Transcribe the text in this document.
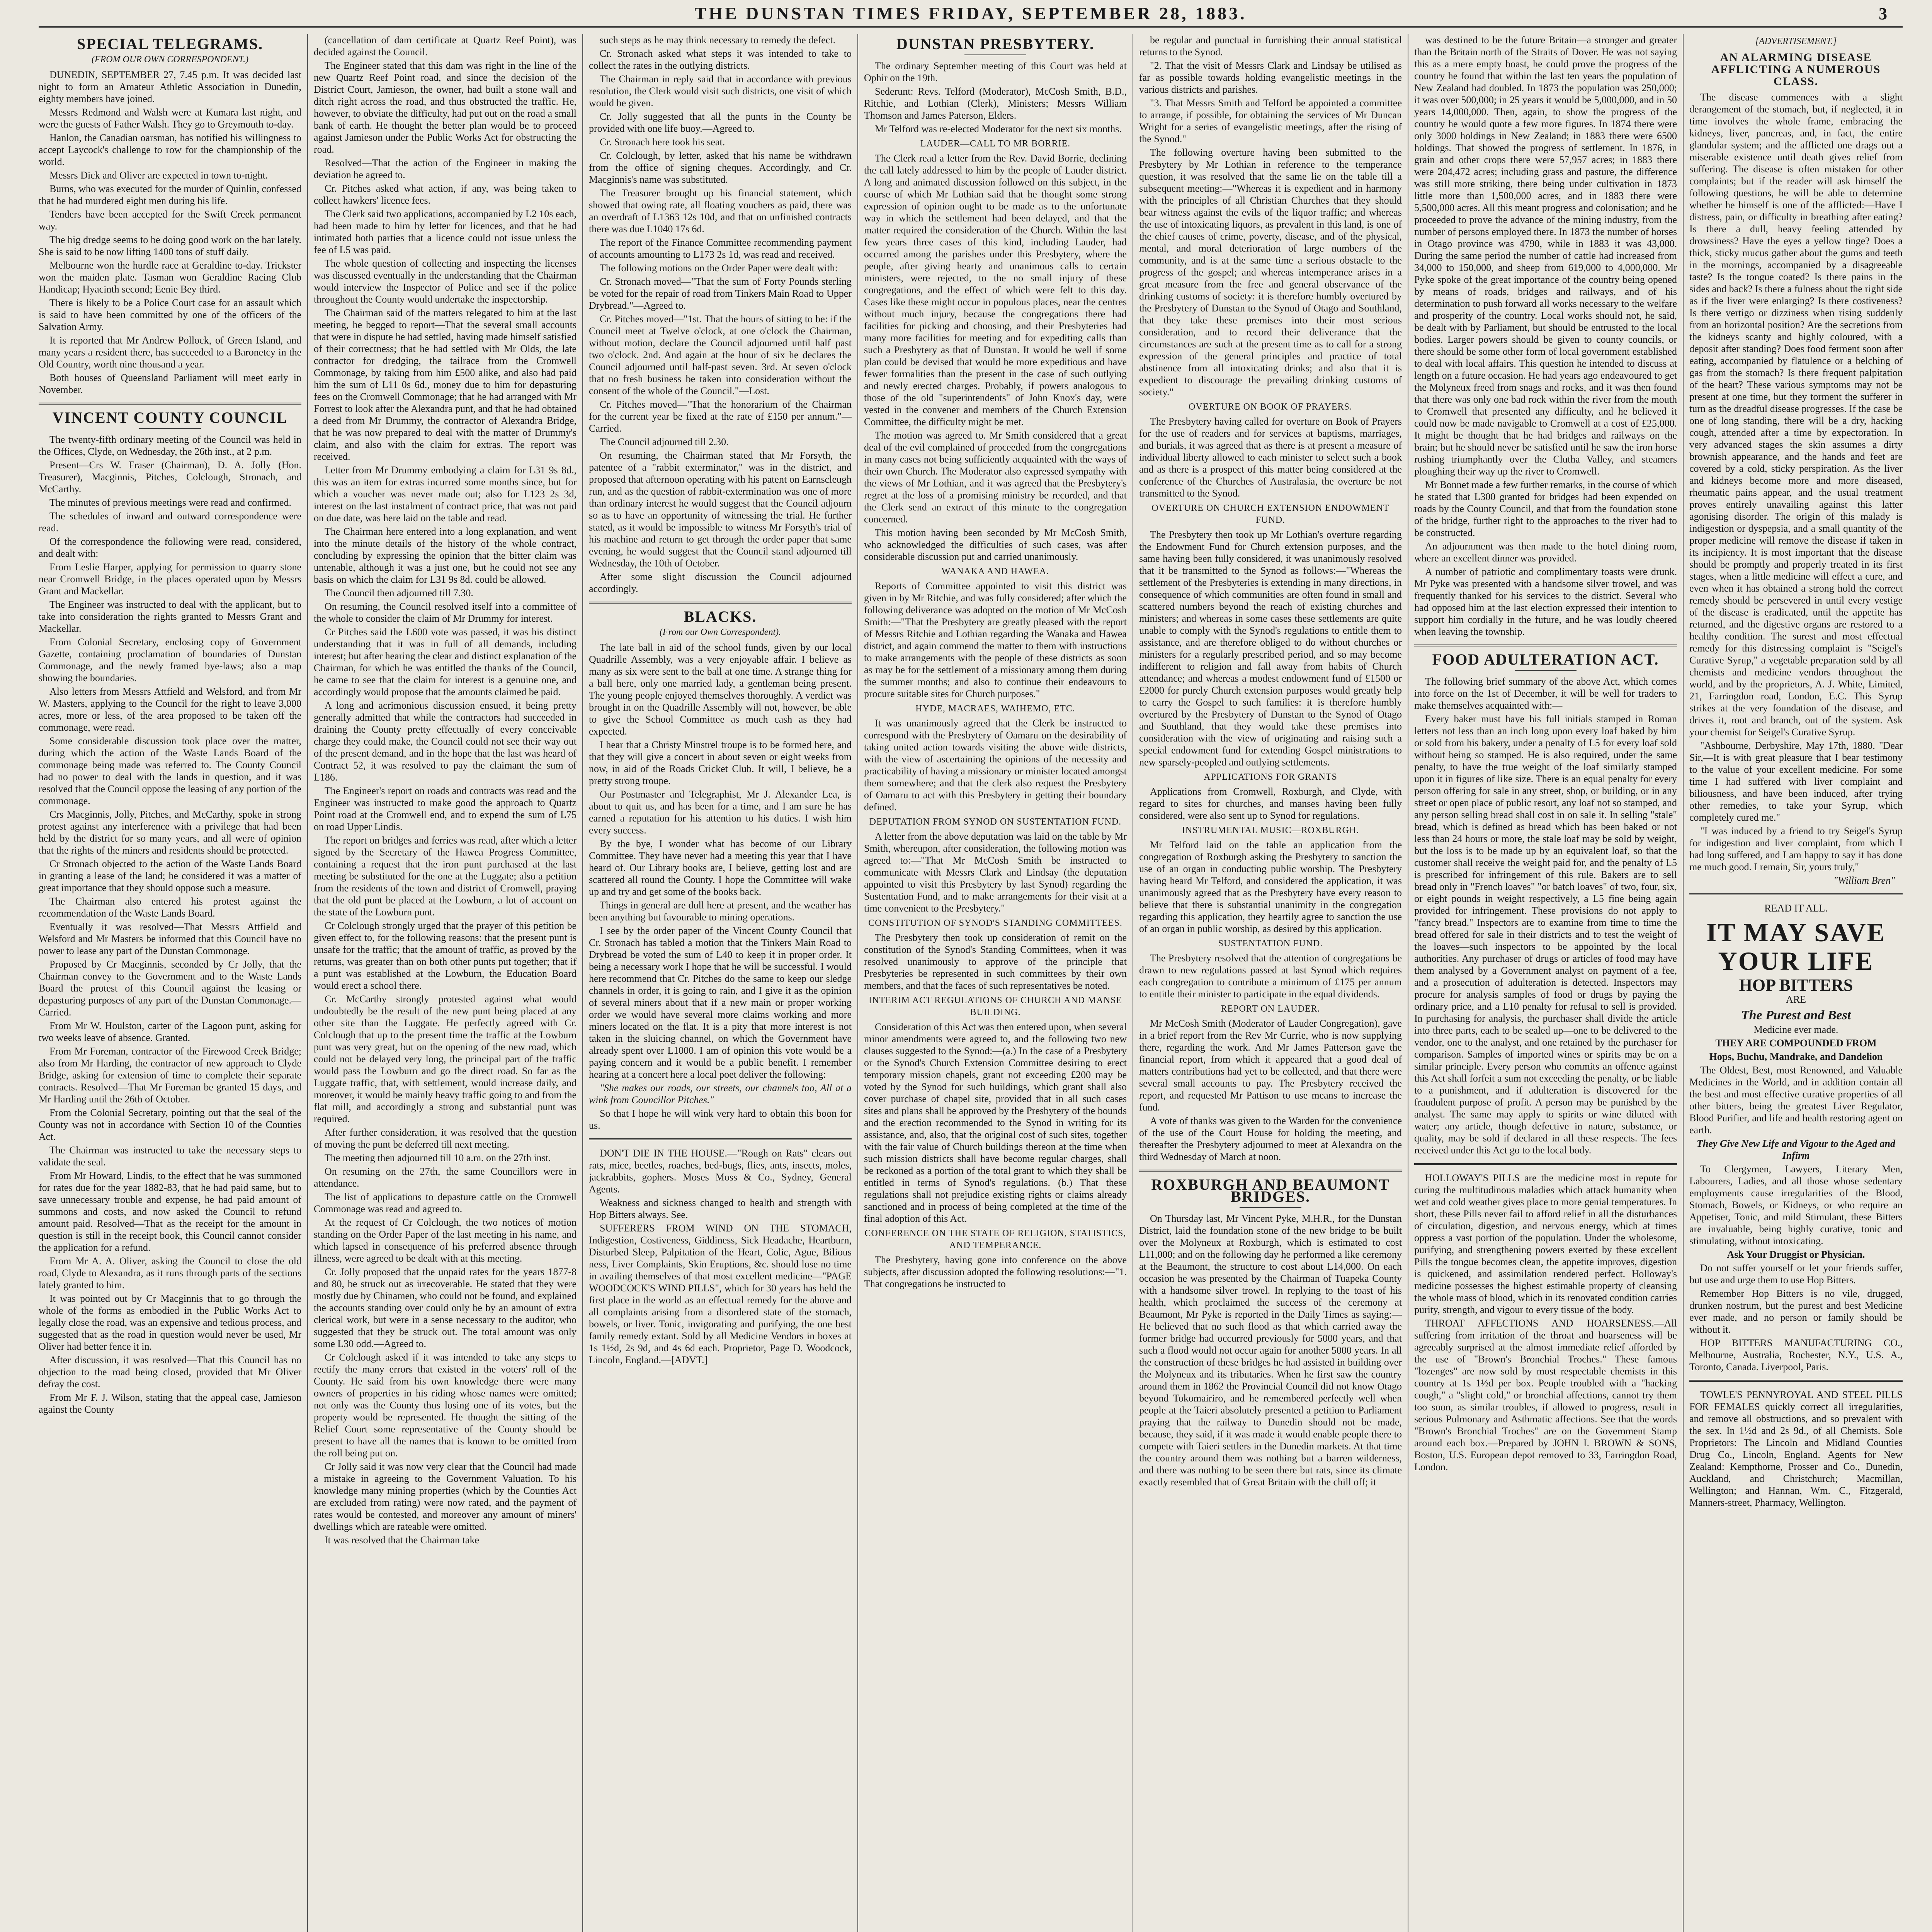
THE DUNSTAN TIMES FRIDAY, SEPTEMBER 28, 1883.	3
SPECIAL TELEGRAMS.
(FROM OUR OWN CORRESPONDENT.)

DUNEDIN, SEPTEMBER 27, 7.45 p.m. It was decided last night to form an Amateur Athletic Association in Dunedin, eighty members have joined.

Messrs Redmond and Walsh were at Kumara last night, and were the guests of Father Walsh. They go to Greymouth to-day.

Hanlon, the Canadian oarsman, has notified his willingness to accept Laycock's challenge to row for the championship of the world.

Messrs Dick and Oliver are expected in town to-night.

Burns, who was executed for the murder of Quinlin, confessed that he had murdered eight men during his life.

Tenders have been accepted for the Swift Creek permanent way.

The big dredge seems to be doing good work on the bar lately. She is said to be now lifting 1400 tons of stuff daily.

Melbourne won the hurdle race at Geraldine to-day. Trickster won the maiden plate. Tasman won Geraldine Racing Club Handicap; Hyacinth second; Eenie Bey third.

There is likely to be a Police Court case for an assault which is said to have been committed by one of the officers of the Salvation Army.

It is reported that Mr Andrew Pollock, of Green Island, and many years a resident there, has succeeded to a Baronetcy in the Old Country, worth nine thousand a year.

Both houses of Queensland Parliament will meet early in November.

VINCENT COUNTY COUNCIL

The twenty-fifth ordinary meeting of the Council was held in the Offices, Clyde, on Wednesday, the 26th inst., at 2 p.m.

Present—Crs W. Fraser (Chairman), D. A. Jolly (Hon. Treasurer), Macginnis, Pitches, Colclough, Stronach, and McCarthy.

The minutes of previous meetings were read and confirmed.

The schedules of inward and outward correspondence were read.

Of the correspondence the following were read, considered, and dealt with:

From Leslie Harper, applying for permission to quarry stone near Cromwell Bridge, in the places operated upon by Messrs Grant and Mackellar.

The Engineer was instructed to deal with the applicant, but to take into consideration the rights granted to Messrs Grant and Mackellar.

From Colonial Secretary, enclosing copy of Government Gazette, containing proclamation of boundaries of Dunstan Commonage, and the newly framed bye-laws; also a map showing the boundaries.

Also letters from Messrs Attfield and Welsford, and from Mr W. Masters, applying to the Council for the right to leave 3,000 acres, more or less, of the area proposed to be taken off the commonage, were read.

Some considerable discussion took place over the matter, during which the action of the Waste Lands Board of the commonage being made was referred to. The County Council had no power to deal with the lands in question, and it was resolved that the Council oppose the leasing of any portion of the commonage.

Crs Macginnis, Jolly, Pitches, and McCarthy, spoke in strong protest against any interference with a privilege that had been held by the district for so many years, and all were of opinion that the rights of the miners and residents should be protected.

Cr Stronach objected to the action of the Waste Lands Board in granting a lease of the land; he considered it was a matter of great importance that they should oppose such a measure.

The Chairman also entered his protest against the recommendation of the Waste Lands Board.

Eventually it was resolved—That Messrs Attfield and Welsford and Mr Masters be informed that this Council have no power to lease any part of the Dunstan Commonage.

Proposed by Cr Macginnis, seconded by Cr Jolly, that the Chairman convey to the Government and to the Waste Lands Board the protest of this Council against the leasing or depasturing purposes of any part of the Dunstan Commonage.—Carried.

From Mr W. Houlston, carter of the Lagoon punt, asking for two weeks leave of absence. Granted.

From Mr Foreman, contractor of the Firewood Creek Bridge; also from Mr Harding, the contractor of new approach to Clyde Bridge, asking for extension of time to complete their separate contracts. Resolved—That Mr Foreman be granted 15 days, and Mr Harding until the 26th of October.

From the Colonial Secretary, pointing out that the seal of the County was not in accordance with Section 10 of the Counties Act.

The Chairman was instructed to take the necessary steps to validate the seal.

From Mr Howard, Lindis, to the effect that he was summoned for rates due for the year 1882-83, that he had paid same, but to save unnecessary trouble and expense, he had paid amount of summons and costs, and now asked the Council to refund amount paid. Resolved—That as the receipt for the amount in question is still in the receipt book, this Council cannot consider the application for a refund.

From Mr A. A. Oliver, asking the Council to close the old road, Clyde to Alexandra, as it runs through parts of the sections lately granted to him.

It was pointed out by Cr Macginnis that to go through the whole of the forms as embodied in the Public Works Act to legally close the road, was an expensive and tedious process, and suggested that as the road in question would never be used, Mr Oliver had better fence it in.

After discussion, it was resolved—That this Council has no objection to the road being closed, provided that Mr Oliver defray the cost.

From Mr F. J. Wilson, stating that the appeal case, Jamieson against the County

(cancellation of dam certificate at Quartz Reef Point), was decided against the Council.

The Engineer stated that this dam was right in the line of the new Quartz Reef Point road, and since the decision of the District Court, Jamieson, the owner, had built a stone wall and ditch right across the road, and thus obstructed the traffic. He, however, to obviate the difficulty, had put out on the road a small bank of earth. He thought the better plan would be to proceed against Jamieson under the Public Works Act for obstructing the road.

Resolved—That the action of the Engineer in making the deviation be agreed to.

Cr. Pitches asked what action, if any, was being taken to collect hawkers' licence fees.

The Clerk said two applications, accompanied by L2 10s each, had been made to him by letter for licences, and that he had intimated both parties that a licence could not issue unless the fee of L5 was paid.

The whole question of collecting and inspecting the licenses was discussed eventually in the understanding that the Chairman would interview the Inspector of Police and see if the police throughout the County would undertake the inspectorship.

The Chairman said of the matters relegated to him at the last meeting, he begged to report—That the several small accounts that were in dispute he had settled, having made himself satisfied of their correctness; that he had settled with Mr Olds, the late contractor for dredging, the tailrace from the Cromwell Commonage, by taking from him £500 alike, and also had paid him the sum of L11 0s 6d., money due to him for depasturing fees on the Cromwell Commonage; that he had arranged with Mr Forrest to look after the Alexandra punt, and that he had obtained a deed from Mr Drummy, the contractor of Alexandra Bridge, that he was now prepared to deal with the matter of Drummy's claim, and also with the claim for extras. The report was received.

Letter from Mr Drummy embodying a claim for L31 9s 8d., this was an item for extras incurred some months since, but for which a voucher was never made out; also for L123 2s 3d, interest on the last instalment of contract price, that was not paid on due date, was here laid on the table and read.

The Chairman here entered into a long explanation, and went into the minute details of the history of the whole contract, concluding by expressing the opinion that the bitter claim was untenable, although it was a just one, but he could not see any basis on which the claim for L31 9s 8d. could be allowed.

The Council then adjourned till 7.30.

On resuming, the Council resolved itself into a committee of the whole to consider the claim of Mr Drummy for interest.

Cr Pitches said the L600 vote was passed, it was his distinct understanding that it was in full of all demands, including interest; but after hearing the clear and distinct explanation of the Chairman, for which he was entitled the thanks of the Council, he came to see that the claim for interest is a genuine one, and accordingly would propose that the amounts claimed be paid.

A long and acrimonious discussion ensued, it being pretty generally admitted that while the contractors had succeeded in draining the County pretty effectually of every conceivable charge they could make, the Council could not see their way out of the present demand, and in the hope that the last was heard of Contract 52, it was resolved to pay the claimant the sum of L186.

The Engineer's report on roads and contracts was read and the Engineer was instructed to make good the approach to Quartz Point road at the Cromwell end, and to expend the sum of L75 on road Upper Lindis.

The report on bridges and ferries was read, after which a letter signed by the Secretary of the Hawea Progress Committee, containing a request that the iron punt purchased at the last meeting be substituted for the one at the Luggate; also a petition from the residents of the town and district of Cromwell, praying that the old punt be placed at the Lowburn, a lot of account on the state of the Lowburn punt.

Cr Colclough strongly urged that the prayer of this petition be given effect to, for the following reasons: that the present punt is unsafe for the traffic; that the amount of traffic, as proved by the returns, was greater than on both other punts put together; that if a punt was established at the Lowburn, the Education Board would erect a school there.

Cr. McCarthy strongly protested against what would undoubtedly be the result of the new punt being placed at any other site than the Luggate. He perfectly agreed with Cr. Colclough that up to the present time the traffic at the Lowburn punt was very great, but on the opening of the new road, which could not be delayed very long, the principal part of the traffic would pass the Lowburn and go the direct road. So far as the Luggate traffic, that, with settlement, would increase daily, and moreover, it would be mainly heavy traffic going to and from the flat mill, and accordingly a strong and substantial punt was required.

After further consideration, it was resolved that the question of moving the punt be deferred till next meeting.

The meeting then adjourned till 10 a.m. on the 27th inst.

On resuming on the 27th, the same Councillors were in attendance.

The list of applications to depasture cattle on the Cromwell Commonage was read and agreed to.

At the request of Cr Colclough, the two notices of motion standing on the Order Paper of the last meeting in his name, and which lapsed in consequence of his preferred absence through illness, were agreed to be dealt with at this meeting.

Cr. Jolly proposed that the unpaid rates for the years 1877-8 and 80, be struck out as irrecoverable. He stated that they were mostly due by Chinamen, who could not be found, and explained the accounts standing over could only be by an amount of extra clerical work, but were in a sense necessary to the auditor, who suggested that they be struck out. The total amount was only some L30 odd.—Agreed to.

Cr Colclough asked if it was intended to take any steps to rectify the many errors that existed in the voters' roll of the County. He said from his own knowledge there were many owners of properties in his riding whose names were omitted; not only was the County thus losing one of its votes, but the property would be represented. He thought the sitting of the Relief Court some representative of the County should be present to have all the names that is known to be omitted from the roll being put on.

Cr Jolly said it was now very clear that the Council had made a mistake in agreeing to the Government Valuation. To his knowledge many mining properties (which by the Counties Act are excluded from rating) were now rated, and the payment of rates would be contested, and moreover any amount of miners' dwellings which are rateable were omitted.

It was resolved that the Chairman take

such steps as he may think necessary to remedy the defect.

Cr. Stronach asked what steps it was intended to take to collect the rates in the outlying districts.

The Chairman in reply said that in accordance with previous resolution, the Clerk would visit such districts, one visit of which would be given.

Cr. Jolly suggested that all the punts in the County be provided with one life buoy.—Agreed to.

Cr. Stronach here took his seat.

Cr. Colclough, by letter, asked that his name be withdrawn from the office of signing cheques. Accordingly, and Cr. Macginnis's name was substituted.

The Treasurer brought up his financial statement, which showed that owing rate, all floating vouchers as paid, there was an overdraft of L1363 12s 10d, and that on unfinished contracts there was due L1040 17s 6d.

The report of the Finance Committee recommending payment of accounts amounting to L173 2s 1d, was read and received.

The following motions on the Order Paper were dealt with:

Cr. Stronach moved—"That the sum of Forty Pounds sterling be voted for the repair of road from Tinkers Main Road to Upper Drybread."—Agreed to.

Cr. Pitches moved—"1st. That the hours of sitting to be: if the Council meet at Twelve o'clock, at one o'clock the Chairman, without motion, declare the Council adjourned until half past two o'clock. 2nd. And again at the hour of six he declares the Council adjourned until half-past seven. 3rd. At seven o'clock that no fresh business be taken into consideration without the consent of the whole of the Council."—Lost.

Cr. Pitches moved—"That the honorarium of the Chairman for the current year be fixed at the rate of £150 per annum."—Carried.

The Council adjourned till 2.30.

On resuming, the Chairman stated that Mr Forsyth, the patentee of a "rabbit exterminator," was in the district, and proposed that afternoon operating with his patent on Earnscleugh run, and as the question of rabbit-extermination was one of more than ordinary interest he would suggest that the Council adjourn so as to have an opportunity of witnessing the trial. He further stated, as it would be impossible to witness Mr Forsyth's trial of his machine and return to get through the order paper that same evening, he would suggest that the Council stand adjourned till Wednesday, the 10th of October.

After some slight discussion the Council adjourned accordingly.

BLACKS.
(From our Own Correspondent).

The late ball in aid of the school funds, given by our local Quadrille Assembly, was a very enjoyable affair. I believe as many as six were sent to the ball at one time. A strange thing for a ball here, only one married lady, a gentleman being present. The young people enjoyed themselves thoroughly. A verdict was brought in on the Quadrille Assembly will not, however, be able to give the School Committee as much cash as they had expected.

I hear that a Christy Minstrel troupe is to be formed here, and that they will give a concert in about seven or eight weeks from now, in aid of the Roads Cricket Club. It will, I believe, be a pretty strong troupe.

Our Postmaster and Telegraphist, Mr J. Alexander Lea, is about to quit us, and has been for a time, and I am sure he has earned a reputation for his attention to his duties. I wish him every success.

By the bye, I wonder what has become of our Library Committee. They have never had a meeting this year that I have heard of. Our Library books are, I believe, getting lost and are scattered all round the County. I hope the Committee will wake up and try and get some of the books back.

Things in general are dull here at present, and the weather has been anything but favourable to mining operations.

I see by the order paper of the Vincent County Council that Cr. Stronach has tabled a motion that the Tinkers Main Road to Drybread be voted the sum of L40 to keep it in proper order. It being a necessary work I hope that he will be successful. I would here recommend that Cr. Pitches do the same to keep our sledge channels in order, it is going to rain, and I give it as the opinion of several miners about that if a new main or proper working order we would have several more claims working and more miners located on the flat. It is a pity that more interest is not taken in the sluicing channel, on which the Government have already spent over L1000. I am of opinion this vote would be a paying concern and it would be a public benefit. I remember hearing at a concert here a local poet deliver the following:

"She makes our roads, our streets, our channels too, All at a wink from Councillor Pitches."

So that I hope he will wink very hard to obtain this boon for us.

DON'T DIE IN THE HOUSE.—"Rough on Rats" clears out rats, mice, beetles, roaches, bed-bugs, flies, ants, insects, moles, jackrabbits, gophers. Moses Moss & Co., Sydney, General Agents.

Weakness and sickness changed to health and strength with Hop Bitters always. See.

SUFFERERS FROM WIND ON THE STOMACH, Indigestion, Costiveness, Giddiness, Sick Headache, Heartburn, Disturbed Sleep, Palpitation of the Heart, Colic, Ague, Bilious ness, Liver Complaints, Skin Eruptions, &c. should lose no time in availing themselves of that most excellent medicine—"PAGE WOODCOCK'S WIND PILLS", which for 30 years has held the first place in the world as an effectual remedy for the above and all complaints arising from a disordered state of the stomach, bowels, or liver. Tonic, invigorating and purifying, the one best family remedy extant. Sold by all Medicine Vendors in boxes at 1s 1½d, 2s 9d, and 4s 6d each. Proprietor, Page D. Woodcock, Lincoln, England.—[ADVT.]

DUNSTAN PRESBYTERY.

The ordinary September meeting of this Court was held at Ophir on the 19th.

Sederunt: Revs. Telford (Moderator), McCosh Smith, B.D., Ritchie, and Lothian (Clerk), Ministers; Messrs William Thomson and James Paterson, Elders.

Mr Telford was re-elected Moderator for the next six months.

LAUDER—CALL TO MR BORRIE.

The Clerk read a letter from the Rev. David Borrie, declining the call lately addressed to him by the people of Lauder district. A long and animated discussion followed on this subject, in the course of which Mr Lothian said that he thought some strong expression of opinion ought to be made as to the unfortunate way in which the settlement had been delayed, and that the matter required the consideration of the Church. Within the last few years three cases of this kind, including Lauder, had occurred among the parishes under this Presbytery, where the people, after giving hearty and unanimous calls to certain ministers, were rejected, to the no small injury of these congregations, and the effect of which were felt to this day. Cases like these might occur in populous places, near the centres without much injury, because the congregations there had facilities for picking and choosing, and their Presbyteries had many more facilities for meeting and for expediting calls than such a Presbytery as that of Dunstan. It would be well if some plan could be devised that would be more expeditious and have fewer formalities than the present in the case of such outlying and newly erected charges. Probably, if powers analogous to those of the old "superintendents" of John Knox's day, were vested in the convener and members of the Church Extension Committee, the difficulty might be met.

The motion was agreed to. Mr Smith considered that a great deal of the evil complained of proceeded from the congregations in many cases not being sufficiently acquainted with the ways of their own Church. The Moderator also expressed sympathy with the views of Mr Lothian, and it was agreed that the Presbytery's regret at the loss of a promising ministry be recorded, and that the Clerk send an extract of this minute to the congregation concerned.

This motion having been seconded by Mr McCosh Smith, who acknowledged the difficulties of such cases, was after considerable discussion put and carried unanimously.

WANAKA AND HAWEA.

Reports of Committee appointed to visit this district was given in by Mr Ritchie, and was fully considered; after which the following deliverance was adopted on the motion of Mr McCosh Smith:—"That the Presbytery are greatly pleased with the report of Messrs Ritchie and Lothian regarding the Wanaka and Hawea district, and again commend the matter to them with instructions to make arrangements with the people of these districts as soon as may be for the settlement of a missionary among them during the summer months; and also to continue their endeavours to procure suitable sites for Church purposes."

HYDE, MACRAES, WAIHEMO, ETC.

It was unanimously agreed that the Clerk be instructed to correspond with the Presbytery of Oamaru on the desirability of taking united action towards visiting the above wide districts, with the view of ascertaining the opinions of the necessity and practicability of having a missionary or minister located amongst them somewhere; and that the clerk also request the Presbytery of Oamaru to act with this Presbytery in getting their boundary defined.

DEPUTATION FROM SYNOD ON SUSTENTATION FUND.

A letter from the above deputation was laid on the table by Mr Smith, whereupon, after consideration, the following motion was agreed to:—"That Mr McCosh Smith be instructed to communicate with Messrs Clark and Lindsay (the deputation appointed to visit this Presbytery by last Synod) regarding the Sustentation Fund, and to make arrangements for their visit at a time convenient to the Presbytery."

CONSTITUTION OF SYNOD'S STANDING COMMITTEES.

The Presbytery then took up consideration of remit on the constitution of the Synod's Standing Committees, when it was resolved unanimously to approve of the principle that Presbyteries be represented in such committees by their own members, and that the faces of such representatives be noted.

INTERIM ACT REGULATIONS OF CHURCH AND MANSE BUILDING.

Consideration of this Act was then entered upon, when several minor amendments were agreed to, and the following two new clauses suggested to the Synod:—(a.) In the case of a Presbytery or the Synod's Church Extension Committee desiring to erect temporary mission chapels, grant not exceeding £200 may be voted by the Synod for such buildings, which grant shall also cover purchase of chapel site, provided that in all such cases sites and plans shall be approved by the Presbytery of the bounds and the erection recommended to the Synod in writing for its assistance, and, also, that the original cost of such sites, together with the fair value of Church buildings thereon at the time when such mission districts shall have become regular charges, shall be reckoned as a portion of the total grant to which they shall be entitled in terms of Synod's regulations. (b.) That these regulations shall not prejudice existing rights or claims already sanctioned and in process of being completed at the time of the final adoption of this Act.

CONFERENCE ON THE STATE OF RELIGION, STATISTICS, AND TEMPERANCE.

The Presbytery, having gone into conference on the above subjects, after discussion adopted the following resolutions:—"1. That congregations be instructed to

be regular and punctual in furnishing their annual statistical returns to the Synod.

"2. That the visit of Messrs Clark and Lindsay be utilised as far as possible towards holding evangelistic meetings in the various districts and parishes.

"3. That Messrs Smith and Telford be appointed a committee to arrange, if possible, for obtaining the services of Mr Duncan Wright for a series of evangelistic meetings, after the rising of the Synod."

The following overture having been submitted to the Presbytery by Mr Lothian in reference to the temperance question, it was resolved that the same lie on the table till a subsequent meeting:—"Whereas it is expedient and in harmony with the principles of all Christian Churches that they should bear witness against the evils of the liquor traffic; and whereas the use of intoxicating liquors, as prevalent in this land, is one of the chief causes of crime, poverty, disease, and of the physical, mental, and moral deterioration of large numbers of the community, and is at the same time a serious obstacle to the progress of the gospel; and whereas intemperance arises in a great measure from the free and general observance of the drinking customs of society: it is therefore humbly overtured by the Presbytery of Dunstan to the Synod of Otago and Southland, that they take these premises into their most serious consideration, and to record their deliverance that the circumstances are such at the present time as to call for a strong expression of the general principles and practice of total abstinence from all intoxicating drinks; and also that it is expedient to discourage the prevailing drinking customs of society."

OVERTURE ON BOOK OF PRAYERS.

The Presbytery having called for overture on Book of Prayers for the use of readers and for services at baptisms, marriages, and burials, it was agreed that as there is at present a measure of individual liberty allowed to each minister to select such a book and as there is a prospect of this matter being considered at the conference of the Churches of Australasia, the overture be not transmitted to the Synod.

OVERTURE ON CHURCH EXTENSION ENDOWMENT FUND.

The Presbytery then took up Mr Lothian's overture regarding the Endowment Fund for Church extension purposes, and the same having been fully considered, it was unanimously resolved that it be transmitted to the Synod as follows:—"Whereas the settlement of the Presbyteries is extending in many directions, in consequence of which communities are often found in small and scattered numbers beyond the reach of existing churches and ministers; and whereas in some cases these settlements are quite unable to comply with the Synod's regulations to entitle them to assistance, and are therefore obliged to do without churches or ministers for a regularly prescribed period, and so may become indifferent to religion and fall away from habits of Church attendance; and whereas a modest endowment fund of £1500 or £2000 for purely Church extension purposes would greatly help to carry the Gospel to such families: it is therefore humbly overtured by the Presbytery of Dunstan to the Synod of Otago and Southland, that they would take these premises into consideration with the view of originating and raising such a special endowment fund for extending Gospel ministrations to new sparsely-peopled and outlying settlements.

APPLICATIONS FOR GRANTS

Applications from Cromwell, Roxburgh, and Clyde, with regard to sites for churches, and manses having been fully considered, were also sent up to Synod for regulations.

INSTRUMENTAL MUSIC—ROXBURGH.

Mr Telford laid on the table an application from the congregation of Roxburgh asking the Presbytery to sanction the use of an organ in conducting public worship. The Presbytery having heard Mr Telford, and considered the application, it was unanimously agreed that as the Presbytery have every reason to believe that there is substantial unanimity in the congregation regarding this application, they heartily agree to sanction the use of an organ in public worship, as desired by this application.

SUSTENTATION FUND.

The Presbytery resolved that the attention of congregations be drawn to new regulations passed at last Synod which requires each congregation to contribute a minimum of £175 per annum to entitle their minister to participate in the equal dividends.

REPORT ON LAUDER.

Mr McCosh Smith (Moderator of Lauder Congregation), gave in a brief report from the Rev Mr Currie, who is now supplying there, regarding the work. And Mr James Patterson gave the financial report, from which it appeared that a good deal of matters contributions had yet to be collected, and that there were several small accounts to pay. The Presbytery received the report, and requested Mr Pattison to use means to increase the fund.

A vote of thanks was given to the Warden for the convenience of the use of the Court House for holding the meeting, and thereafter the Presbytery adjourned to meet at Alexandra on the third Wednesday of March at noon.

ROXBURGH AND BEAUMONT BRIDGES.

On Thursday last, Mr Vincent Pyke, M.H.R., for the Dunstan District, laid the foundation stone of the new bridge to be built over the Molyneux at Roxburgh, which is estimated to cost L11,000; and on the following day he performed a like ceremony at the Beaumont, the structure to cost about L14,000. On each occasion he was presented by the Chairman of Tuapeka County with a handsome silver trowel. In replying to the toast of his health, which proclaimed the success of the ceremony at Beaumont, Mr Pyke is reported in the Daily Times as saying:—He believed that no such flood as that which carried away the former bridge had occurred previously for 5000 years, and that such a flood would not occur again for another 5000 years. In all the construction of these bridges he had assisted in building over the Molyneux and its tributaries. When he first saw the country around them in 1862 the Provincial Council did not know Otago beyond Tokomairiro, and he remembered perfectly well when people at the Taieri absolutely presented a petition to Parliament praying that the railway to Dunedin should not be made, because, they said, if it was made it would enable people there to compete with Taieri settlers in the Dunedin markets. At that time the country around them was nothing but a barren wilderness, and there was nothing to be seen there but rats, since its climate exactly resembled that of Great Britain with the chill off; it

was destined to be the future Britain—a stronger and greater than the Britain north of the Straits of Dover. He was not saying this as a mere empty boast, he could prove the progress of the country he found that within the last ten years the population of New Zealand had doubled. In 1873 the population was 250,000; it was over 500,000; in 25 years it would be 5,000,000, and in 50 years 14,000,000. Then, again, to show the progress of the country he would quote a few more figures. In 1874 there were only 3000 holdings in New Zealand; in 1883 there were 6500 holdings. That showed the progress of settlement. In 1876, in grain and other crops there were 57,957 acres; in 1883 there were 204,472 acres; including grass and pasture, the difference was still more striking, there being under cultivation in 1873 little more than 1,500,000 acres, and in 1883 there were 5,500,000 acres. All this meant progress and colonisation; and he proceeded to prove the advance of the mining industry, from the number of persons employed there. In 1873 the number of horses in Otago province was 4790, while in 1883 it was 43,000. During the same period the number of cattle had increased from 34,000 to 150,000, and sheep from 619,000 to 4,000,000. Mr Pyke spoke of the great importance of the country being opened by means of roads, bridges and railways, and of his determination to push forward all works necessary to the welfare and prosperity of the country. Local works should not, he said, be dealt with by Parliament, but should be entrusted to the local bodies. Larger powers should be given to county councils, or there should be some other form of local government established to deal with local affairs. This question he intended to discuss at length on a future occasion. He had years ago endeavoured to get the Molyneux freed from snags and rocks, and it was then found that there was only one bad rock within the river from the mouth to Cromwell that presented any difficulty, and he believed it could now be made navigable to Cromwell at a cost of £25,000. It might be thought that he had bridges and railways on the brain; but he should never be satisfied until he saw the iron horse rushing triumphantly over the Clutha Valley, and steamers ploughing their way up the river to Cromwell.

Mr Bonnet made a few further remarks, in the course of which he stated that L300 granted for bridges had been expended on roads by the County Council, and that from the foundation stone of the bridge, further right to the approaches to the river had to be constructed.

An adjournment was then made to the hotel dining room, where an excellent dinner was provided.

A number of patriotic and complimentary toasts were drunk. Mr Pyke was presented with a handsome silver trowel, and was frequently thanked for his services to the district. Several who had opposed him at the last election expressed their intention to support him cordially in the future, and he was loudly cheered when leaving the township.

FOOD ADULTERATION ACT.

The following brief summary of the above Act, which comes into force on the 1st of December, it will be well for traders to make themselves acquainted with:—

Every baker must have his full initials stamped in Roman letters not less than an inch long upon every loaf baked by him or sold from his bakery, under a penalty of L5 for every loaf sold without being so stamped. He is also required, under the same penalty, to have the true weight of the loaf similarly stamped upon it in figures of like size. There is an equal penalty for every person offering for sale in any street, shop, or building, or in any street or open place of public resort, any loaf not so stamped, and any person selling bread shall cost in on sale it. In selling "stale" bread, which is defined as bread which has been baked or not less than 24 hours or more, the stale loaf may be sold by weight, but the loss is to be made up by an equivalent loaf, so that the customer shall receive the weight paid for, and the penalty of L5 is prescribed for infringement of this rule. Bakers are to sell bread only in "French loaves" "or batch loaves" of two, four, six, or eight pounds in weight respectively, a L5 fine being again provided for infringement. These provisions do not apply to "fancy bread." Inspectors are to examine from time to time the bread offered for sale in their districts and to test the weight of the loaves—such inspectors to be appointed by the local authorities. Any purchaser of drugs or articles of food may have them analysed by a Government analyst on payment of a fee, and a prosecution of adulteration is detected. Inspectors may procure for analysis samples of food or drugs by paying the ordinary price, and a L10 penalty for refusal to sell is provided. In purchasing for analysis, the purchaser shall divide the article into three parts, each to be sealed up—one to be delivered to the vendor, one to the analyst, and one retained by the purchaser for comparison. Samples of imported wines or spirits may be on a similar principle. Every person who commits an offence against this Act shall forfeit a sum not exceeding the penalty, or be liable to a punishment, and if adulteration is discovered for the fraudulent purpose of profit. A person may be punished by the analyst. The same may apply to spirits or wine diluted with water; any article, though defective in nature, substance, or quality, may be sold if declared in all these respects. The fees received under this Act go to the local body.

HOLLOWAY'S PILLS are the medicine most in repute for curing the multitudinous maladies which attack humanity when wet and cold weather gives place to more genial temperatures. In short, these Pills never fail to afford relief in all the disturbances of circulation, digestion, and nervous energy, which at times oppress a vast portion of the population. Under the wholesome, purifying, and strengthening powers exerted by these excellent Pills the tongue becomes clean, the appetite improves, digestion is quickened, and assimilation rendered perfect. Holloway's medicine possesses the highest estimable property of cleansing the whole mass of blood, which in its renovated condition carries purity, strength, and vigour to every tissue of the body.

THROAT AFFECTIONS AND HOARSENESS.—All suffering from irritation of the throat and hoarseness will be agreeably surprised at the almost immediate relief afforded by the use of "Brown's Bronchial Troches." These famous "lozenges" are now sold by most respectable chemists in this country at 1s 1½d per box. People troubled with a "hacking cough," a "slight cold," or bronchial affections, cannot try them too soon, as similar troubles, if allowed to progress, result in serious Pulmonary and Asthmatic affections. See that the words "Brown's Bronchial Troches" are on the Government Stamp around each box.—Prepared by JOHN I. BROWN & SONS, Boston, U.S. European depot removed to 33, Farringdon Road, London.

[ADVERTISEMENT.]
AN ALARMING DISEASE AFFLICTING A NUMEROUS CLASS.

The disease commences with a slight derangement of the stomach, but, if neglected, it in time involves the whole frame, embracing the kidneys, liver, pancreas, and, in fact, the entire glandular system; and the afflicted one drags out a miserable existence until death gives relief from suffering. The disease is often mistaken for other complaints; but if the reader will ask himself the following questions, he will be able to determine whether he himself is one of the afflicted:—Have I distress, pain, or difficulty in breathing after eating? Is there a dull, heavy feeling attended by drowsiness? Have the eyes a yellow tinge? Does a thick, sticky mucus gather about the gums and teeth in the mornings, accompanied by a disagreeable taste? Is the tongue coated? Is there pains in the sides and back? Is there a fulness about the right side as if the liver were enlarging? Is there costiveness? Is there vertigo or dizziness when rising suddenly from an horizontal position? Are the secretions from the kidneys scanty and highly coloured, with a deposit after standing? Does food ferment soon after eating, accompanied by flatulence or a belching of gas from the stomach? Is there frequent palpitation of the heart? These various symptoms may not be present at one time, but they torment the sufferer in turn as the dreadful disease progresses. If the case be one of long standing, there will be a dry, hacking cough, attended after a time by expectoration. In very advanced stages the skin assumes a dirty brownish appearance, and the hands and feet are covered by a cold, sticky perspiration. As the liver and kidneys become more and more diseased, rheumatic pains appear, and the usual treatment proves entirely unavailing against this latter agonising disorder. The origin of this malady is indigestion or dyspepsia, and a small quantity of the proper medicine will remove the disease if taken in its incipiency. It is most important that the disease should be promptly and properly treated in its first stages, when a little medicine will effect a cure, and even when it has obtained a strong hold the correct remedy should be persevered in until every vestige of the disease is eradicated, until the appetite has returned, and the digestive organs are restored to a healthy condition. The surest and most effectual remedy for this distressing complaint is "Seigel's Curative Syrup," a vegetable preparation sold by all chemists and medicine vendors throughout the world, and by the proprietors, A. J. White, Limited, 21, Farringdon road, London, E.C. This Syrup strikes at the very foundation of the disease, and drives it, root and branch, out of the system. Ask your chemist for Seigel's Curative Syrup.

"Ashbourne, Derbyshire, May 17th, 1880. "Dear Sir,—It is with great pleasure that I bear testimony to the value of your excellent medicine. For some time I had suffered with liver complaint and biliousness, and have been induced, after trying other remedies, to take your Syrup, which completely cured me."

"I was induced by a friend to try Seigel's Syrup for indigestion and liver complaint, from which I had long suffered, and I am happy to say it has done me much good. I remain, Sir, yours truly,"

"William Bren"
READ IT ALL.
IT MAY SAVE YOUR LIFE
HOP BITTERS
ARE
The Purest and Best
Medicine ever made.
THEY ARE COMPOUNDED FROM
Hops, Buchu, Mandrake, and Dandelion

The Oldest, Best, most Renowned, and Valuable Medicines in the World, and in addition contain all the best and most effective curative properties of all other bitters, being the greatest Liver Regulator, Blood Purifier, and life and health restoring agent on earth.

They Give New Life and Vigour to the Aged and Infirm

To Clergymen, Lawyers, Literary Men, Labourers, Ladies, and all those whose sedentary employments cause irregularities of the Blood, Stomach, Bowels, or Kidneys, or who require an Appetiser, Tonic, and mild Stimulant, these Bitters are invaluable, being highly curative, tonic and stimulating, without intoxicating.

Ask Your Druggist or Physician.

Do not suffer yourself or let your friends suffer, but use and urge them to use Hop Bitters.

Remember Hop Bitters is no vile, drugged, drunken nostrum, but the purest and best Medicine ever made, and no person or family should be without it.

HOP BITTERS MANUFACTURING CO., Melbourne, Australia, Rochester, N.Y., U.S. A., Toronto, Canada. Liverpool, Paris.

TOWLE'S PENNYROYAL AND STEEL PILLS FOR FEMALES quickly correct all irregularities, and remove all obstructions, and so prevalent with the sex. In 1½d and 2s 9d., of all Chemists. Sole Proprietors: The Lincoln and Midland Counties Drug Co., Lincoln, England. Agents for New Zealand: Kempthorne, Prosser and Co., Dunedin, Auckland, and Christchurch; Macmillan, Wellington; and Hannan, Wm. C., Fitzgerald, Manners-street, Pharmacy, Wellington.
